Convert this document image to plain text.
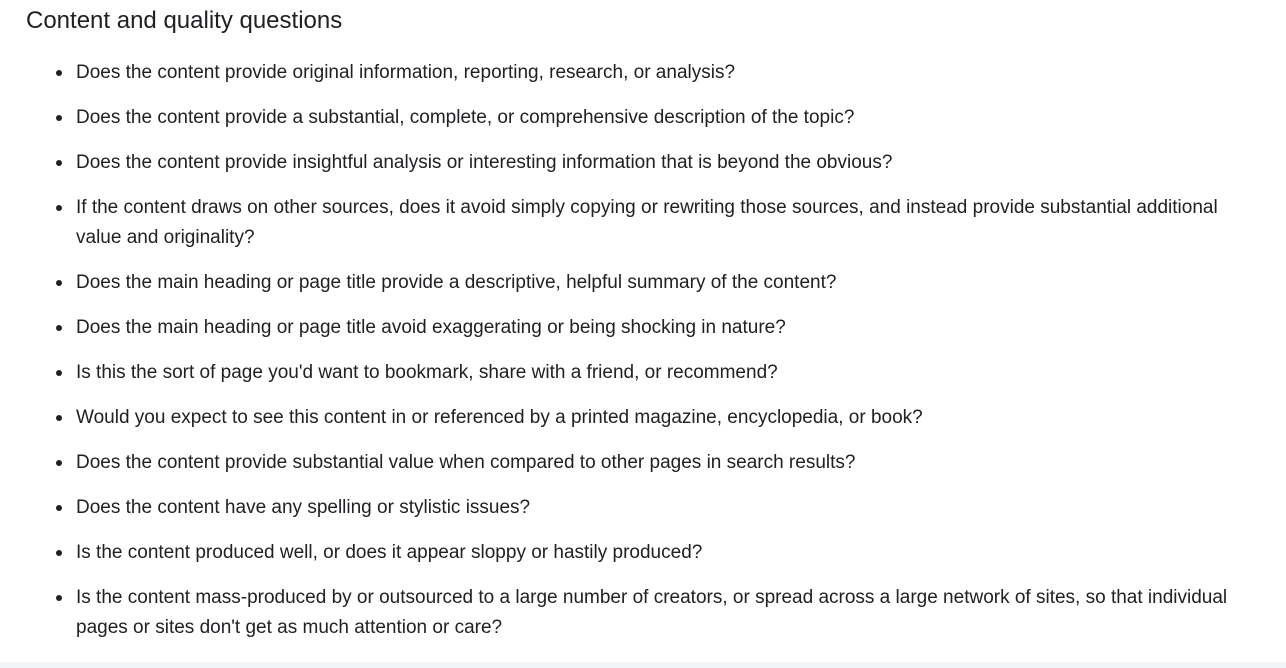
Content and quality questions
Does the content provide original information, reporting, research, or analysis?
Does the content provide a substantial, complete, or comprehensive description of the topic?
Does the content provide insightful analysis or interesting information that is beyond the obvious?
If the content draws on other sources, does it avoid simply copying or rewriting those sources, and instead provide substantial additional value and originality?
Does the main heading or page title provide a descriptive, helpful summary of the content?
Does the main heading or page title avoid exaggerating or being shocking in nature?
Is this the sort of page you'd want to bookmark, share with a friend, or recommend?
Would you expect to see this content in or referenced by a printed magazine, encyclopedia, or book?
Does the content provide substantial value when compared to other pages in search results?
Does the content have any spelling or stylistic issues?
Is the content produced well, or does it appear sloppy or hastily produced?
Is the content mass-produced by or outsourced to a large number of creators, or spread across a large network of sites, so that individual pages or sites don't get as much attention or care?
